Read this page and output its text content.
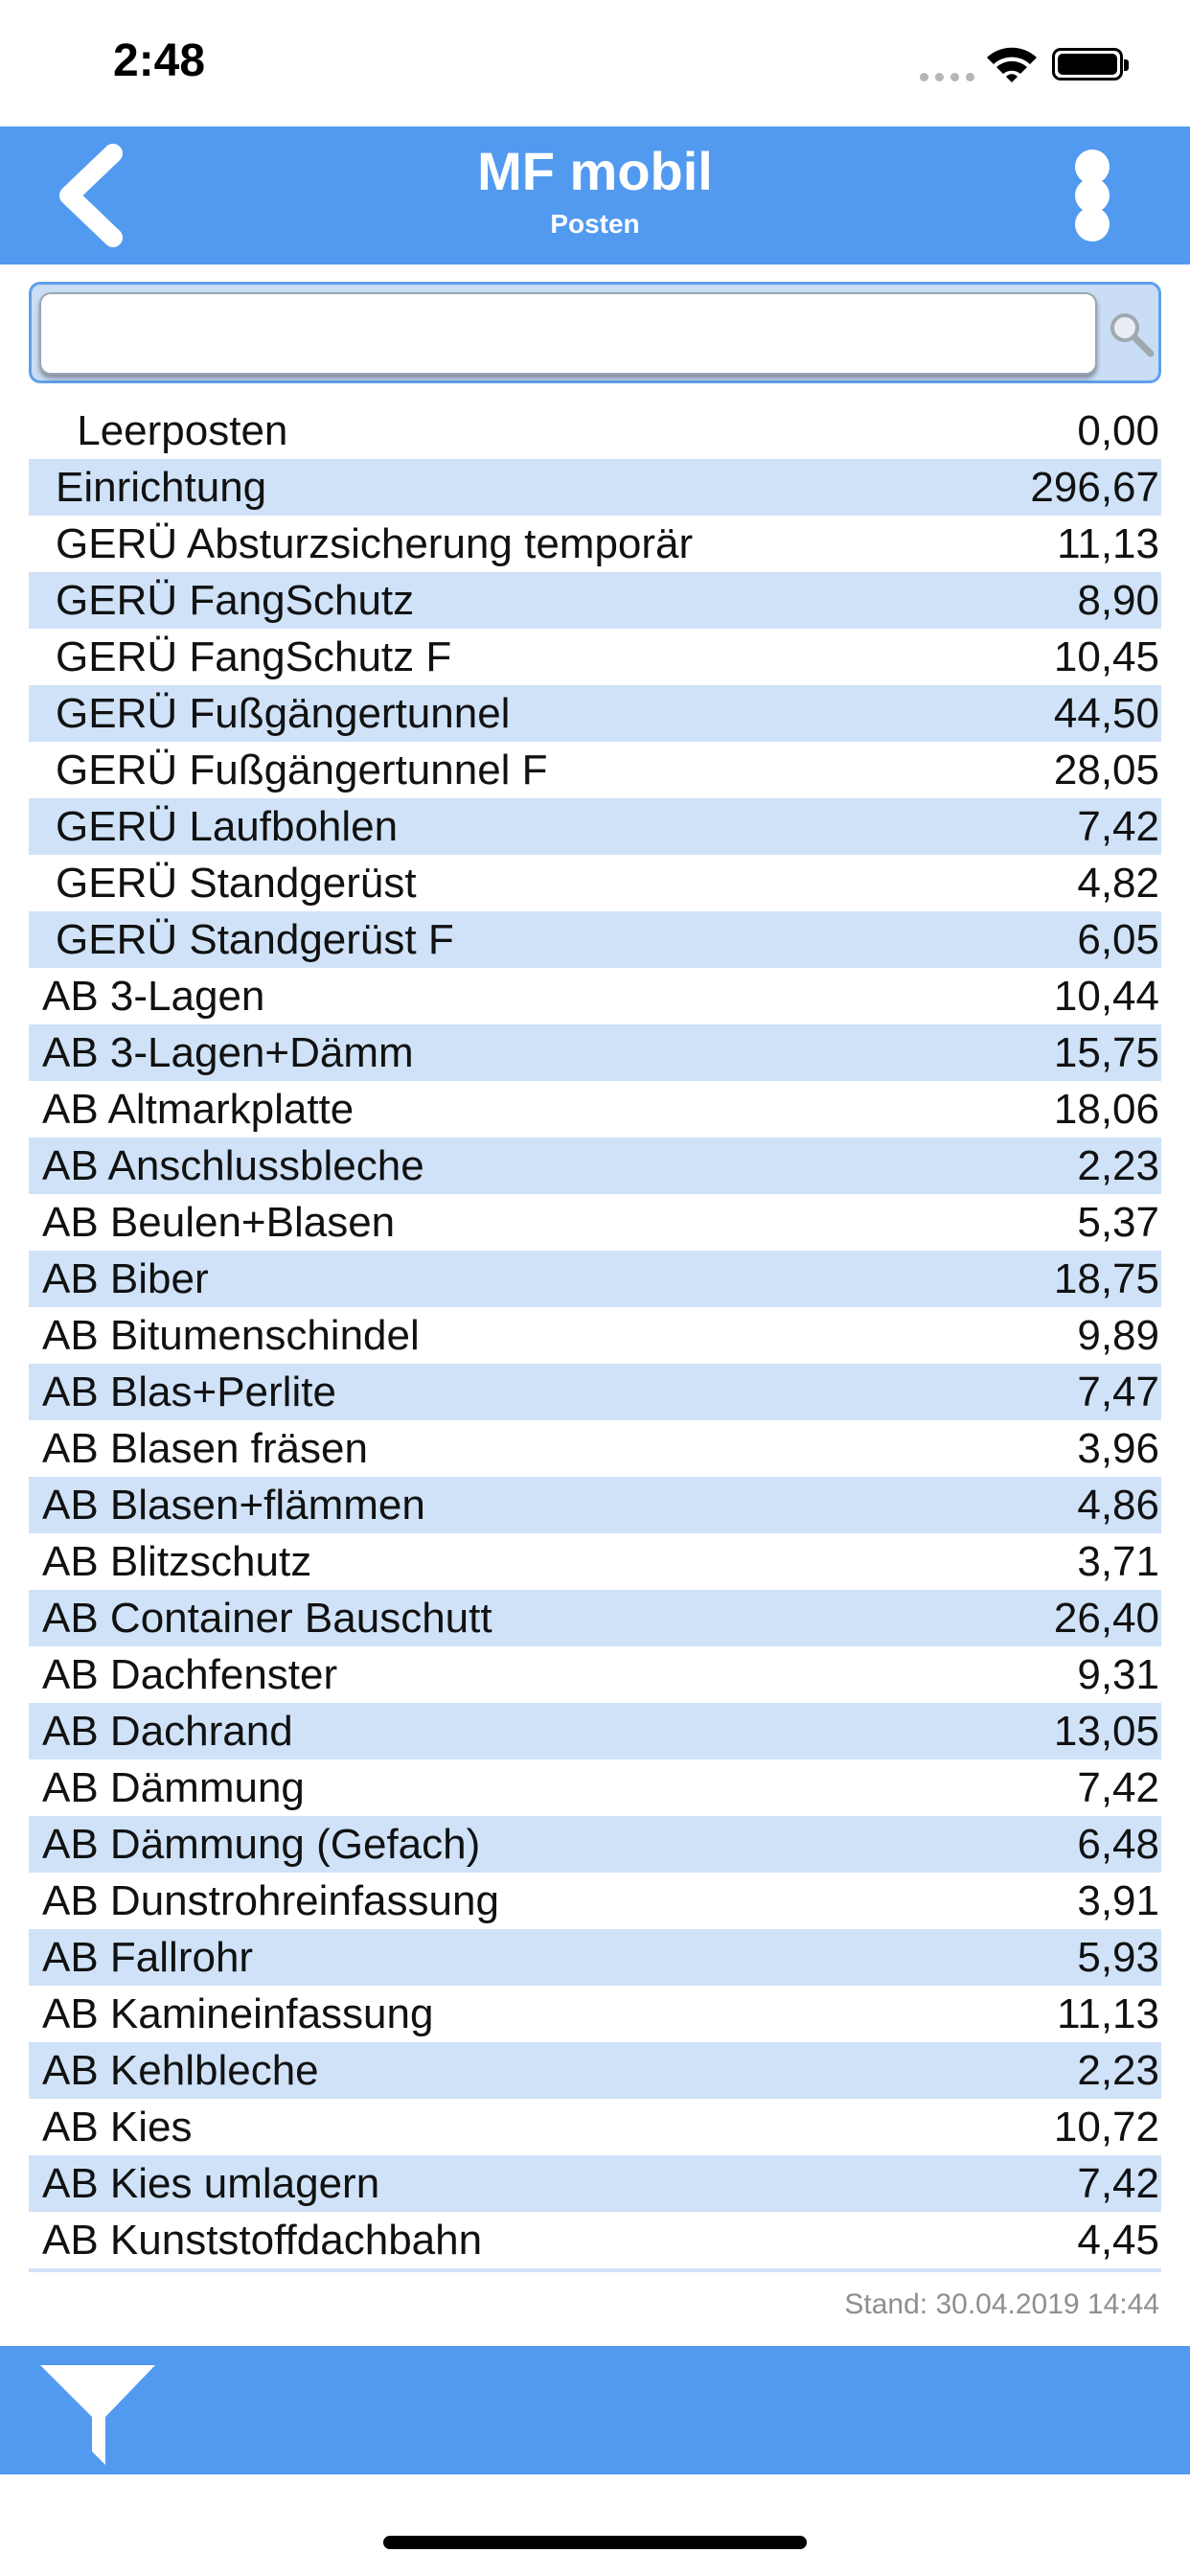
2:48
MF mobil
Posten
Leerposten	0,00
Einrichtung	296,67
GERÜ Absturzsicherung temporär	11,13
GERÜ FangSchutz	8,90
GERÜ FangSchutz F	10,45
GERÜ Fußgängertunnel	44,50
GERÜ Fußgängertunnel F	28,05
GERÜ Laufbohlen	7,42
GERÜ Standgerüst	4,82
GERÜ Standgerüst F	6,05
AB 3-Lagen	10,44
AB 3-Lagen+Dämm	15,75
AB Altmarkplatte	18,06
AB Anschlussbleche	2,23
AB Beulen+Blasen	5,37
AB Biber	18,75
AB Bitumenschindel	9,89
AB Blas+Perlite	7,47
AB Blasen fräsen	3,96
AB Blasen+flämmen	4,86
AB Blitzschutz	3,71
AB Container Bauschutt	26,40
AB Dachfenster	9,31
AB Dachrand	13,05
AB Dämmung	7,42
AB Dämmung (Gefach)	6,48
AB Dunstrohreinfassung	3,91
AB Fallrohr	5,93
AB Kamineinfassung	11,13
AB Kehlbleche	2,23
AB Kies	10,72
AB Kies umlagern	7,42
AB Kunststoffdachbahn	4,45
Stand: 30.04.2019 14:44
